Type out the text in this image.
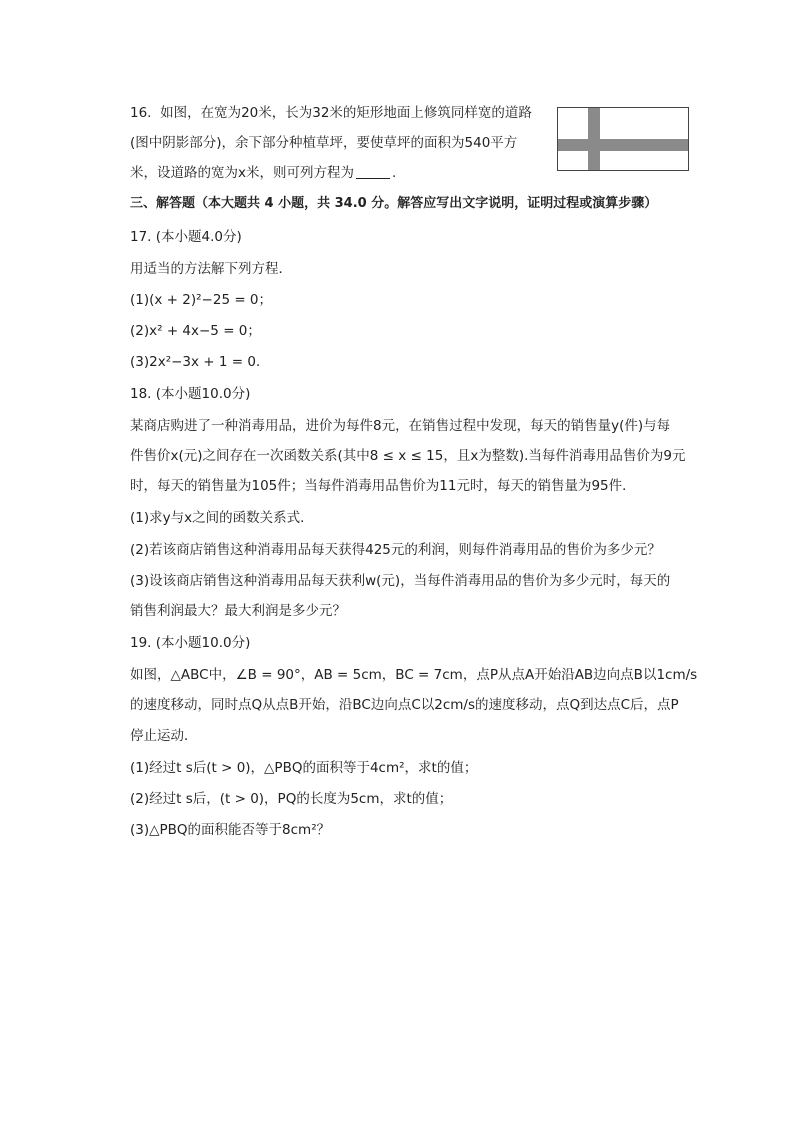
16. 如图，在宽为20米，长为32米的矩形地面上修筑同样宽的道路
(图中阴影部分)，余下部分种植草坪，要使草坪的面积为540平方
米，设道路的宽为x米，则可列方程为	.
三、解答题（本大题共 4 小题，共 34.0 分。解答应写出文字说明，证明过程或演算步骤）
17. (本小题4.0分)
用适当的方法解下列方程．
(1)(x + 2)²−25 = 0；
(2)x² + 4x−5 = 0；
(3)2x²−3x + 1 = 0．
18. (本小题10.0分)
某商店购进了一种消毒用品，进价为每件8元，在销售过程中发现，每天的销售量y(件)与每
件售价x(元)之间存在一次函数关系(其中8 ≤ x ≤ 15，且x为整数).当每件消毒用品售价为9元
时，每天的销售量为105件；当每件消毒用品售价为11元时，每天的销售量为95件．
(1)求y与x之间的函数关系式．
(2)若该商店销售这种消毒用品每天获得425元的利润，则每件消毒用品的售价为多少元？
(3)设该商店销售这种消毒用品每天获利w(元)，当每件消毒用品的售价为多少元时，每天的
销售利润最大？最大利润是多少元？
19. (本小题10.0分)
如图，△ABC中，∠B = 90°，AB = 5cm，BC = 7cm，点P从点A开始沿AB边向点B以1cm/s
的速度移动，同时点Q从点B开始，沿BC边向点C以2cm/s的速度移动，点Q到达点C后，点P
停止运动．
(1)经过t s后(t > 0)，△PBQ的面积等于4cm²，求t的值；
(2)经过t s后，(t > 0)，PQ的长度为5cm，求t的值；
(3)△PBQ的面积能否等于8cm²？
